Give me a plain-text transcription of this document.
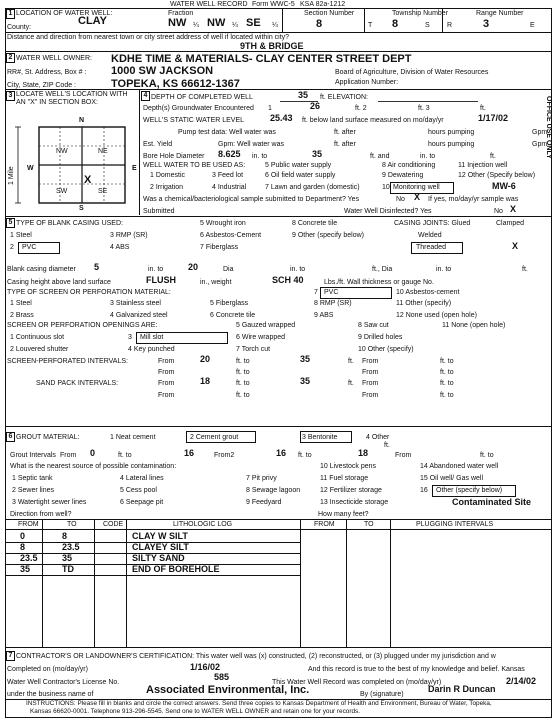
WATER WELL RECORD Form WWC-5 KSA 82a-1212
1 LOCATION OF WATER WELL:	Fraction
County:
CLAY	NW ¼ NW ¼ SE ¼
Section Number
8
Township Number
T 8	S
Range Number
R	3	E
Distance and direction from nearest town or city street address of well if located within city?
9TH & BRIDGE
2 WATER WELL OWNER: KDHE TIME & MATERIALS- CLAY CENTER STREET DEPT
RR#, St. Address, Box # : 1000 SW JACKSON
City, State, ZIP Code :	TOPEKA, KS 66612-1367
Board of Agriculture, Division of Water Resources
Application Number:
3 LOCATE WELL'S LOCATION WITH AN "X" IN SECTION BOX:
N
S
W	E
1 Mile
NW	NE
SW	SE
X
4 DEPTH OF COMPLETED WELL	35 ft. ELEVATION:
Depth(s) Groundwater Encountered 1	26	ft. 2	ft. 3	ft.
WELL'S STATIC WATER LEVEL	25.43 ft. below land surface measured on mo/day/yr	1/17/02
Pump test data: Well water was	ft. after	hours pumping	Gpm
Est. Yield	Gpm: Well water was	ft. after	hours pumping	Gpm
Bore Hole Diameter 8.625 in. to	35	ft. and	in. to	ft.
WELL WATER TO BE USED AS:	5 Public water supply	8 Air conditioning	11 Injection well
1 Domestic	3 Feed lot	6 Oil field water supply	9 Dewatering	12 Other (Specify below)
2 Irrigation	4 Industrial	7 Lawn and garden (domestic)	10 Monitoring well	MW-6
Was a chemical/bacteriological sample submitted to Department? Yes	No X If yes, mo/day/yr sample was
Submitted	Water Well Disinfected? Yes	No X
OFFICE USE ONLY
5 TYPE OF BLANK CASING USED:
1 Steel
2 PVC
3 RMP (SR)
4 ABS
5 Wrought iron
6 Asbestos-Cement
7 Fiberglass
8 Concrete tile
9 Other (specify below)
CASING JOINTS: Glued	Clamped
Welded
Threaded	X
Blank casing diameter 5	in. to	20	Dia	in. to	ft., Dia	in. to	ft.
Casing height above land surface	FLUSH	in., weight	SCH 40	Lbs./ft. Wall thickness or gauge No.
TYPE OF SCREEN OR PERFORATION MATERIAL:
1 Steel	3 Stainless steel	5 Fiberglass
7 PVC	10 Asbestos-cement
2 Brass	4 Galvanized steel	6 Concrete tile
8 RMP (SR)	11 Other (specify)
9 ABS	12 None used (open hole)
SCREEN OR PERFORATION OPENINGS ARE:	5 Gauzed wrapped	8 Saw cut	11 None (open hole)
1 Continuous slot	3 Mill slot	6 Wire wrapped	9 Drilled holes
2 Louvered shutter	4 Key punched	7 Torch cut	10 Other (specify)
SCREEN-PERFORATED INTERVALS:	From	20	ft. to	35	ft. From	ft. to
From	ft. to	From	ft. to
SAND PACK INTERVALS:	From	18	ft. to	35	ft. From	ft. to
From	ft. to	From	ft. to
6 GROUT MATERIAL:	1 Neat cement	2 Cement grout	3 Bentonite	4 Other
Grout Intervals From 0	ft. to	16	From2	16 ft. to	18
ft.
From	ft. to
What is the nearest source of possible contamination:
1 Septic tank	4 Lateral lines	7 Pit privy
10 Livestock pens	14 Abandoned water well
2 Sewer lines	5 Cess pool	8 Sewage lagoon
11 Fuel storage	15 Oil well/ Gas well
3 Watertight sewer lines	6 Seepage pit	9 Feedyard
12 Fertilizer storage
13 Insecticide storage
16 Other (specify below)
Contaminated Site
Direction from well?	How many feet?
FROM	TO	CODE	LITHOLOGIC LOG	FROM	TO	PLUGGING INTERVALS
0	8	CLAY W SILT
8	23.5	CLAYEY SILT
23.5	35	SILTY SAND
35	TD	END OF BOREHOLE
7 CONTRACTOR'S OR LANDOWNER'S CERTIFICATION: This water well was (x) constructed, (2) reconstructed, or (3) plugged under my jurisdiction and w
Completed on (mo/day/yr)	1/16/02	And this record is true to the best of my knowledge and belief. Kansas
Water Well Contractor's License No.
585
This Water Well Record was completed on (mo/day/yr)	2/14/02
under the business name of	Associated Environmental, Inc.	By (signature)
Darin R Duncan
INSTRUCTIONS: Please fill in blanks and circle the correct answers. Send three copies to Kansas Department of Health and Environment, Bureau of Water, Topeka,
Kansas 66620-0001. Telephone 913-296-5545. Send one to WATER WELL OWNER and retain one for your records.
